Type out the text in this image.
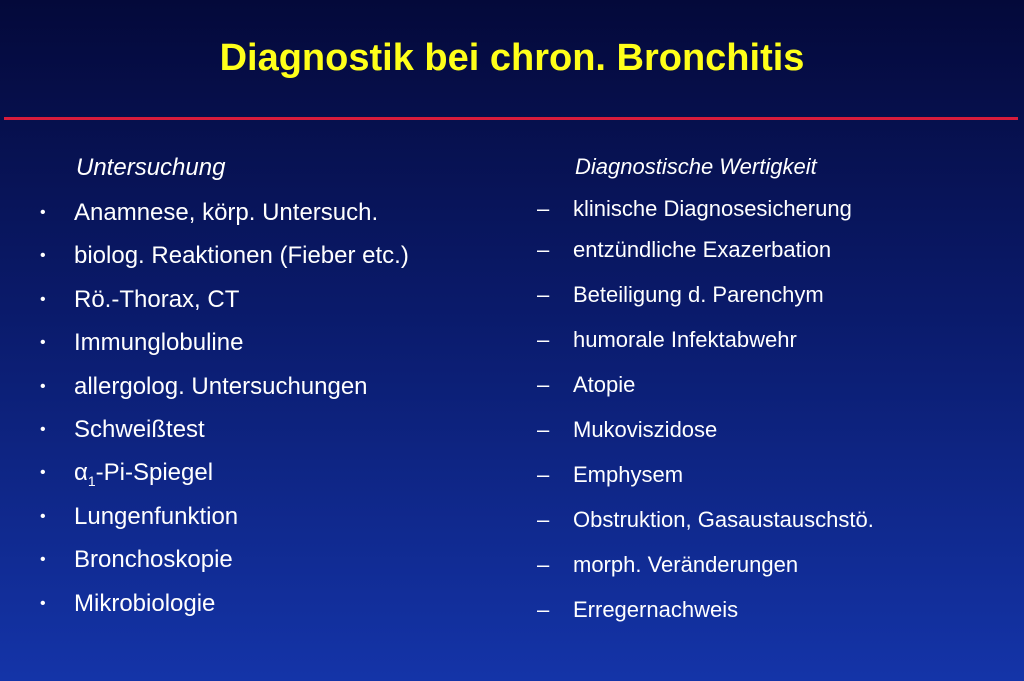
Diagnostik bei chron. Bronchitis
Untersuchung
• Anamnese, körp. Untersuch.
• biolog. Reaktionen (Fieber etc.)
• Rö.-Thorax, CT
• Immunglobuline
• allergolog. Untersuchungen
• Schweißtest
• $\alpha_1-Pi$-Spiegel
• Lungenfunktion
• Bronchoskopie
• Mikrobiologie
Diagnostische Wertigkeit
– klinische Diagnosesicherung
– entzündliche Exazerbation
– Beteiligung d. Parenchym
– humorale Infektabwehr
– Atopie
– Mukoviszidose
– Emphysem
– Obstruktion, Gasaustauschstö.
– morph. Veränderungen
– Erregernachweis
